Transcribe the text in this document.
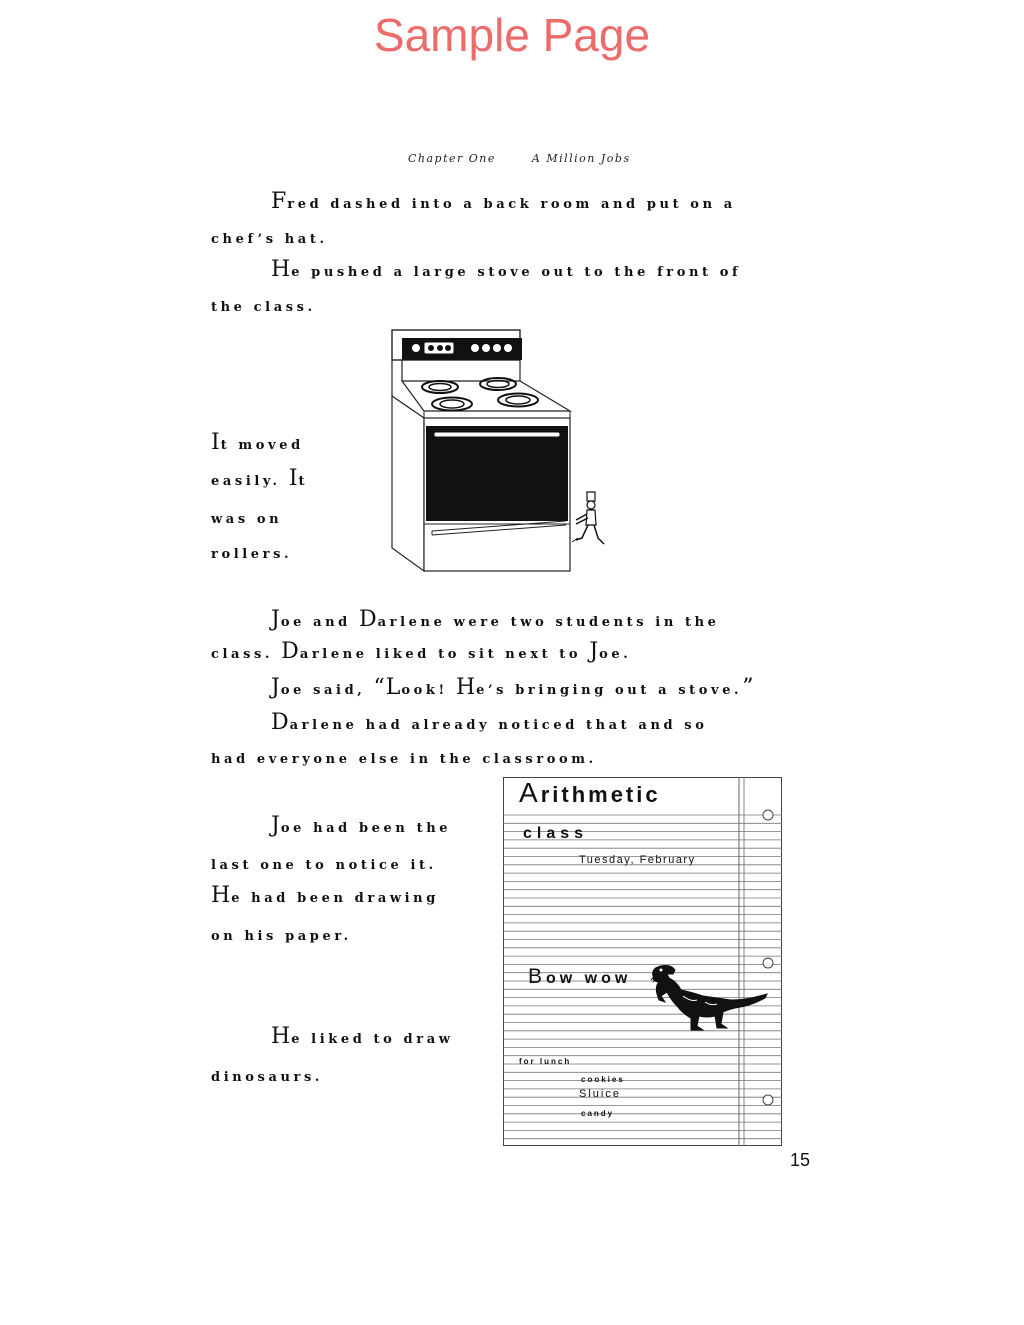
Sample Page
Chapter One	A Million Jobs
Fred dashed into a back room and put on a
chef’s hat.
He pushed a large stove out to the front of
the class.
It moved
easily. It
was on
rollers.
Joe and Darlene were two students in the
class. Darlene liked to sit next to Joe.
Joe said, “Look! He’s bringing out a stove.”
Darlene had already noticed that and so
had everyone else in the classroom.
Joe had been the
last one to notice it.
He had been drawing
on his paper.
He liked to draw
dinosaurs.
Arithmetic
class
Tuesday, February
Bow wow
for lunch
cookies
Sluice
candy
15
